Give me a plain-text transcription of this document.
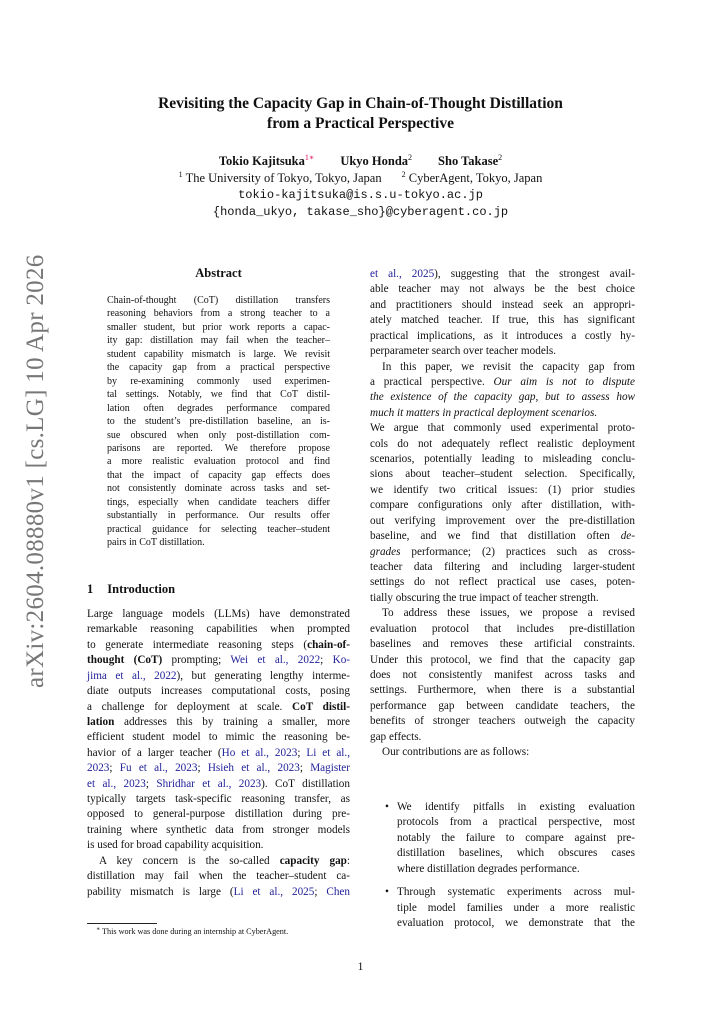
arXiv:2604.08880v1 [cs.LG] 10 Apr 2026

Revisiting the Capacity Gap in Chain-of-Thought Distillation

from a Practical Perspective

Tokio Kajitsuka$^{1∗}$ Ukyo Honda$^2$ Sho Takase$^2$

$^1$ The University of Tokyo, Tokyo, Japan	$^2$ CyberAgent, Tokyo, Japan

tokio-kajitsuka@is.s.u-tokyo.ac.jp

{honda_ukyo, takase_sho}@cyberagent.co.jp

Abstract
Chain-of-thought (CoT) distillation transfers
reasoning behaviors from a strong teacher to a
smaller student, but prior work reports a capac-
ity gap: distillation may fail when the teacher–
student capability mismatch is large. We revisit
the capacity gap from a practical perspective
by re-examining commonly used experimen-
tal settings. Notably, we find that CoT distil-
lation often degrades performance compared
to the student’s pre-distillation baseline, an is-
sue obscured when only post-distillation com-
parisons are reported. We therefore propose
a more realistic evaluation protocol and find
that the impact of capacity gap effects does
not consistently dominate across tasks and set-
tings, especially when candidate teachers differ
substantially in performance. Our results offer
practical guidance for selecting teacher–student
pairs in CoT distillation.
1 Introduction
Large language models (LLMs) have demonstrated
remarkable reasoning capabilities when prompted
to generate intermediate reasoning steps (chain-of-
thought (CoT) prompting; Wei et al., 2022; Ko-
jima et al., 2022), but generating lengthy interme-
diate outputs increases computational costs, posing
a challenge for deployment at scale. CoT distil-
lation addresses this by training a smaller, more
efficient student model to mimic the reasoning be-
havior of a larger teacher (Ho et al., 2023; Li et al.,
2023; Fu et al., 2023; Hsieh et al., 2023; Magister
et al., 2023; Shridhar et al., 2023). CoT distillation
typically targets task-specific reasoning transfer, as
opposed to general-purpose distillation during pre-
training where synthetic data from stronger models
is used for broad capability acquisition.
A key concern is the so-called capacity gap:
distillation may fail when the teacher–student ca-
pability mismatch is large (Li et al., 2025; Chen
∗ This work was done during an internship at CyberAgent.
et al., 2025), suggesting that the strongest avail-
able teacher may not always be the best choice
and practitioners should instead seek an appropri-
ately matched teacher. If true, this has significant
practical implications, as it introduces a costly hy-
perparameter search over teacher models.
In this paper, we revisit the capacity gap from
a practical perspective. Our aim is not to dispute
the existence of the capacity gap, but to assess how
much it matters in practical deployment scenarios.
We argue that commonly used experimental proto-
cols do not adequately reflect realistic deployment
scenarios, potentially leading to misleading conclu-
sions about teacher–student selection. Specifically,
we identify two critical issues: (1) prior studies
compare configurations only after distillation, with-
out verifying improvement over the pre-distillation
baseline, and we find that distillation often de-
grades performance; (2) practices such as cross-
teacher data filtering and including larger-student
settings do not reflect practical use cases, poten-
tially obscuring the true impact of teacher strength.
To address these issues, we propose a revised
evaluation protocol that includes pre-distillation
baselines and removes these artificial constraints.
Under this protocol, we find that the capacity gap
does not consistently manifest across tasks and
settings. Furthermore, when there is a substantial
performance gap between candidate teachers, the
benefits of stronger teachers outweigh the capacity
gap effects.
Our contributions are as follows:
• We identify pitfalls in existing evaluation
protocols from a practical perspective, most
notably the failure to compare against pre-
distillation baselines, which obscures cases
where distillation degrades performance.
• Through systematic experiments across mul-
tiple model families under a more realistic
evaluation protocol, we demonstrate that the
1
